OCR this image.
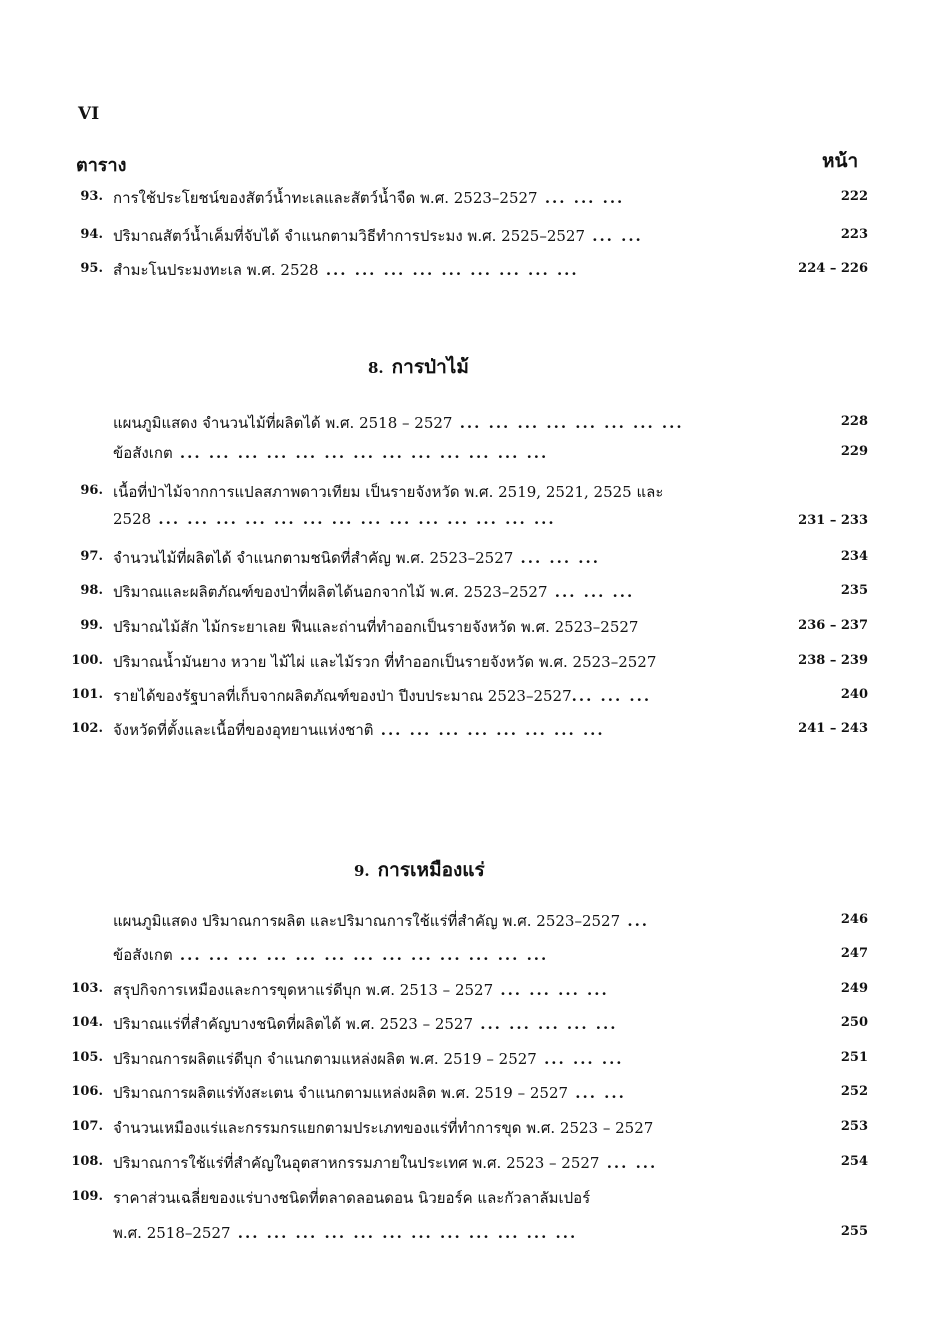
VI
ตาราง	หน้า
8. การป่าไม้
9. การเหมืองแร่
93. การใช้ประโยชน์ของสัตว์น้ำทะเลและสัตว์น้ำจืด พ.ศ. 2523–2527 ... ... ...	222
94. ปริมาณสัตว์น้ำเค็มที่จับได้ จำแนกตามวิธีทำการประมง พ.ศ. 2525–2527 ... ...	223
95. สำมะโนประมงทะเล พ.ศ. 2528 ... ... ... ... ... ... ... ... ...	224 – 226
แผนภูมิแสดง จำนวนไม้ที่ผลิตได้ พ.ศ. 2518 – 2527 ... ... ... ... ... ... ... ...	228
ข้อสังเกต ... ... ... ... ... ... ... ... ... ... ... ... ...	229
96. เนื้อที่ป่าไม้จากการแปลสภาพดาวเทียม เป็นรายจังหวัด พ.ศ. 2519, 2521, 2525 และ
2528 ... ... ... ... ... ... ... ... ... ... ... ... ... ...	231 – 233
97. จำนวนไม้ที่ผลิตได้ จำแนกตามชนิดที่สำคัญ พ.ศ. 2523–2527 ... ... ...	234
98. ปริมาณและผลิตภัณฑ์ของป่าที่ผลิตได้นอกจากไม้ พ.ศ. 2523–2527 ... ... ...	235
99. ปริมาณไม้สัก ไม้กระยาเลย ฟืนและถ่านที่ทำออกเป็นรายจังหวัด พ.ศ. 2523–2527	236 – 237
100. ปริมาณน้ำมันยาง หวาย ไม้ไผ่ และไม้รวก ที่ทำออกเป็นรายจังหวัด พ.ศ. 2523–2527	238 – 239
101. รายได้ของรัฐบาลที่เก็บจากผลิตภัณฑ์ของป่า ปีงบประมาณ 2523–2527... ... ...	240
102. จังหวัดที่ตั้งและเนื้อที่ของอุทยานแห่งชาติ ... ... ... ... ... ... ... ...	241 – 243
แผนภูมิแสดง ปริมาณการผลิต และปริมาณการใช้แร่ที่สำคัญ พ.ศ. 2523–2527 ...	246
ข้อสังเกต ... ... ... ... ... ... ... ... ... ... ... ... ...	247
103. สรุปกิจการเหมืองและการขุดหาแร่ดีบุก พ.ศ. 2513 – 2527 ... ... ... ...	249
104. ปริมาณแร่ที่สำคัญบางชนิดที่ผลิตได้ พ.ศ. 2523 – 2527 ... ... ... ... ...	250
105. ปริมาณการผลิตแร่ดีบุก จำแนกตามแหล่งผลิต พ.ศ. 2519 – 2527 ... ... ...	251
106. ปริมาณการผลิตแร่ทังสะเตน จำแนกตามแหล่งผลิต พ.ศ. 2519 – 2527 ... ...	252
107. จำนวนเหมืองแร่และกรรมกรแยกตามประเภทของแร่ที่ทำการขุด พ.ศ. 2523 – 2527	253
108. ปริมาณการใช้แร่ที่สำคัญในอุตสาหกรรมภายในประเทศ พ.ศ. 2523 – 2527 ... ...	254
109. ราคาส่วนเฉลี่ยของแร่บางชนิดที่ตลาดลอนดอน นิวยอร์ค และกัวลาลัมเปอร์
พ.ศ. 2518–2527 ... ... ... ... ... ... ... ... ... ... ... ...	255
